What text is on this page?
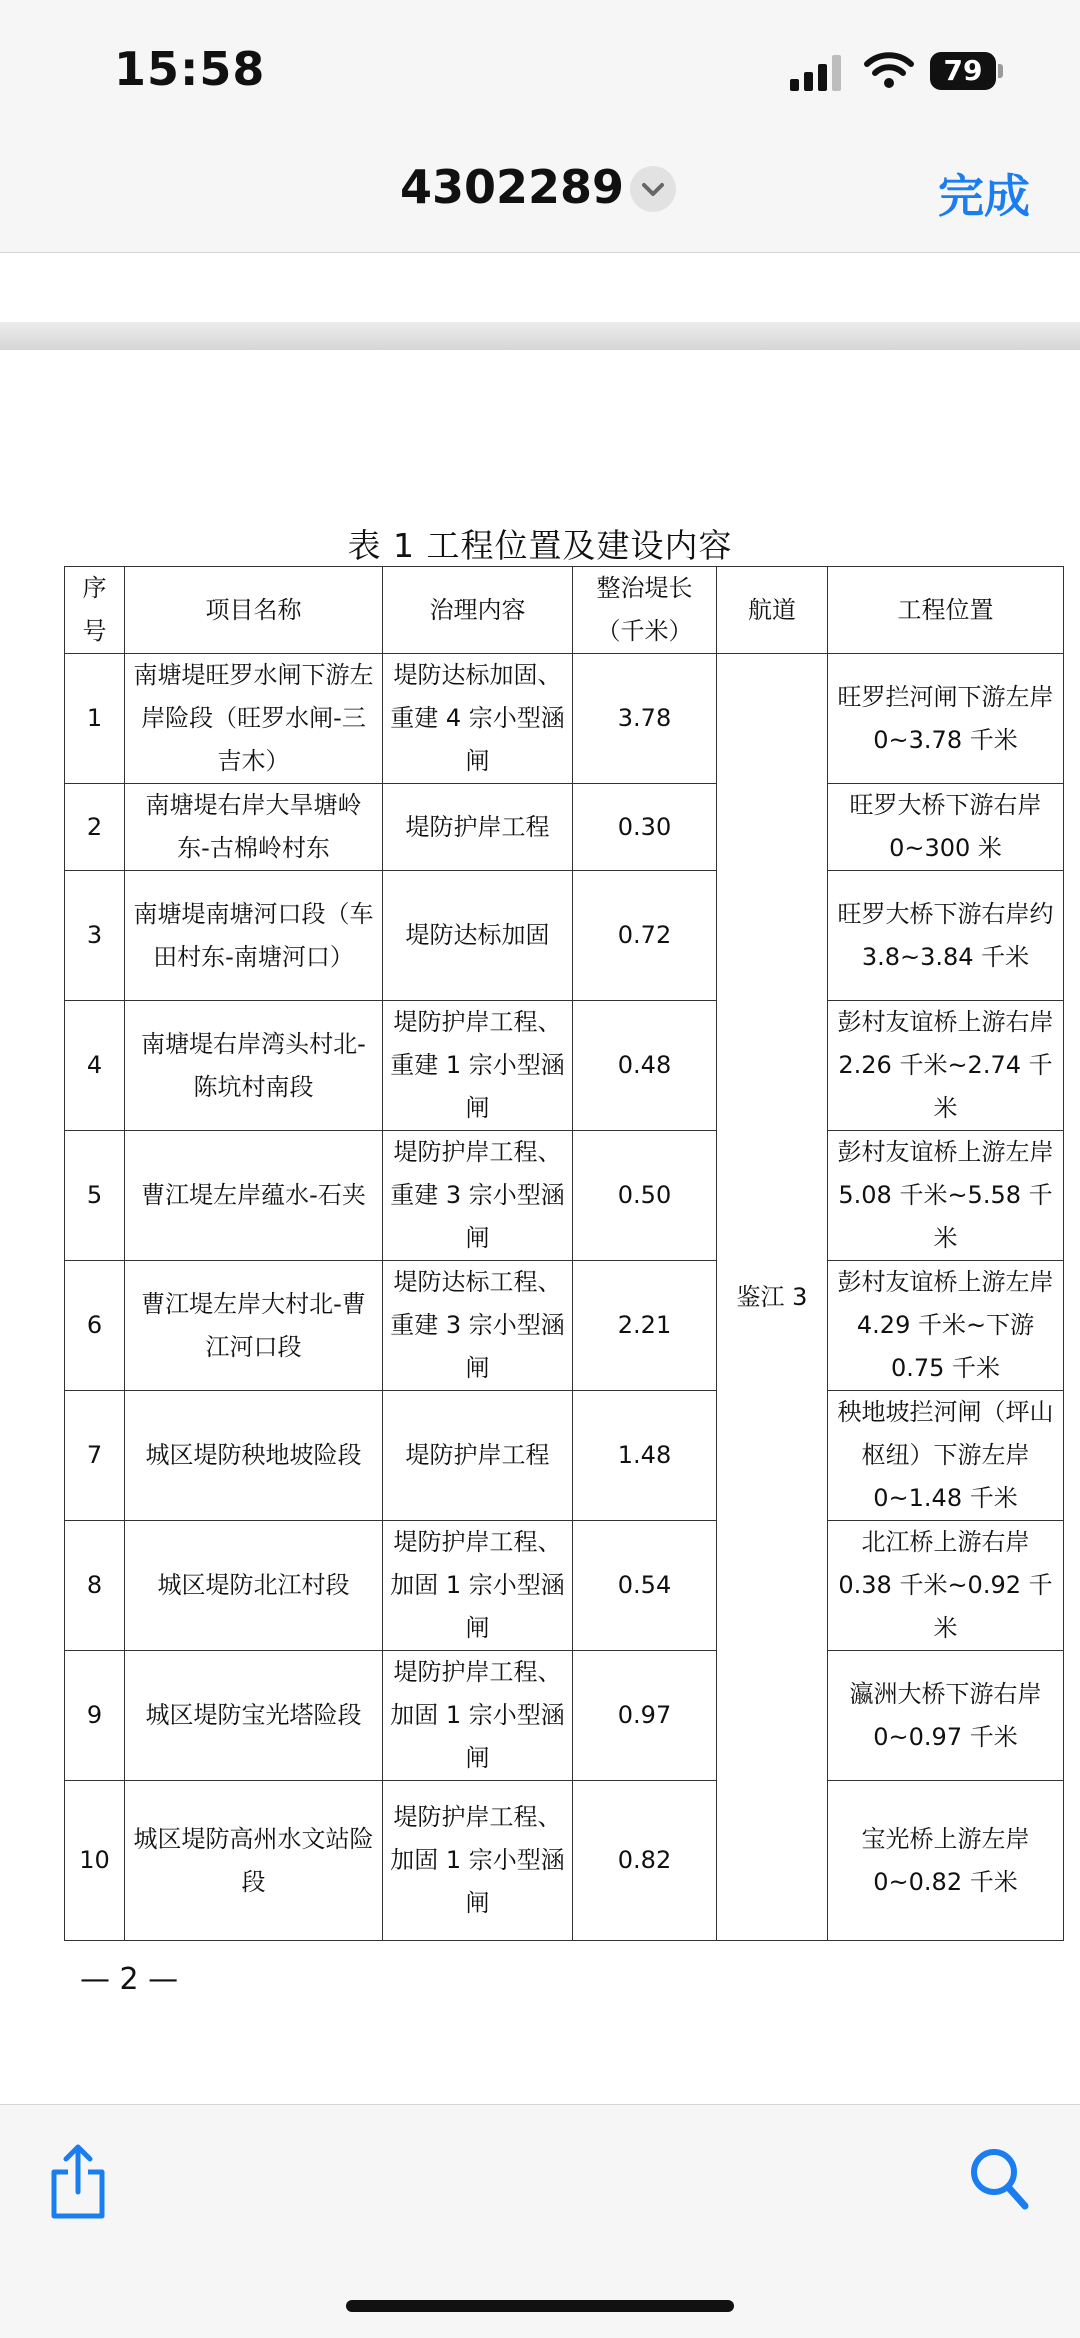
15:58	79
4302289	完成
表 1 工程位置及建设内容
序号	项目名称	治理内容	整治堤长（千米）	航道	工程位置
1	南塘堤旺罗水闸下游左岸险段（旺罗水闸-三吉木）	堤防达标加固、重建 4 宗小型涵闸	3.78	鉴江 3	旺罗拦河闸下游左岸 0~3.78 千米
2	南塘堤右岸大旱塘岭东-古棉岭村东	堤防护岸工程	0.30		旺罗大桥下游右岸 0~300 米
3	南塘堤南塘河口段（车田村东-南塘河口）	堤防达标加固	0.72		旺罗大桥下游右岸约 3.8~3.84 千米
4	南塘堤右岸湾头村北-陈坑村南段	堤防护岸工程、重建 1 宗小型涵闸	0.48		彭村友谊桥上游右岸 2.26 千米~2.74 千米
5	曹江堤左岸蕴水-石夹	堤防护岸工程、重建 3 宗小型涵闸	0.50		彭村友谊桥上游左岸 5.08 千米~5.58 千米
6	曹江堤左岸大村北-曹江河口段	堤防达标工程、重建 3 宗小型涵闸	2.21		彭村友谊桥上游左岸 4.29 千米~下游 0.75 千米
7	城区堤防秧地坡险段	堤防护岸工程	1.48		秧地坡拦河闸（坪山枢纽）下游左岸 0~1.48 千米
8	城区堤防北江村段	堤防护岸工程、加固 1 宗小型涵闸	0.54		北江桥上游右岸 0.38 千米~0.92 千米
9	城区堤防宝光塔险段	堤防护岸工程、加固 1 宗小型涵闸	0.97		瀛洲大桥下游右岸 0~0.97 千米
10	城区堤防高州水文站险段	堤防护岸工程、加固 1 宗小型涵闸	0.82		宝光桥上游左岸 0~0.82 千米
— 2 —
